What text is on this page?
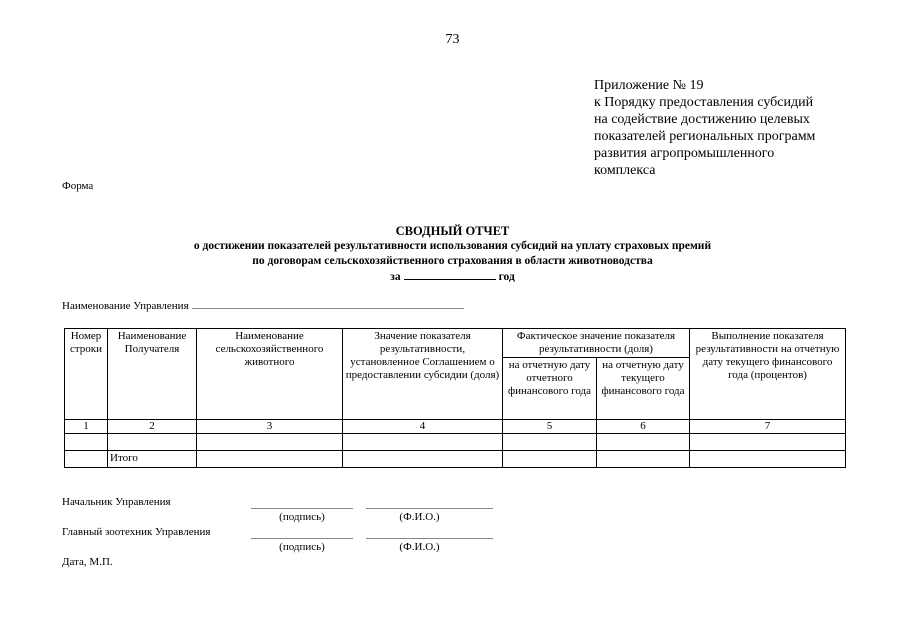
73
Приложение № 19
к Порядку предоставления субсидий
на содействие достижению целевых
показателей региональных программ
развития агропромышленного
комплекса
Форма
СВОДНЫЙ ОТЧЕТ
о достижении показателей результативности использования субсидий на уплату страховых премий
по договорам сельскохозяйственного страхования в области животноводства
за	год
Наименование Управления
Номер строки	Наименование Получателя	Наименование сельскохозяйственного животного	Значение показателя результативности, установленное Соглашением о предоставлении субсидии (доля)	Фактическое значение показателя результативности (доля)		Выполнение показателя результативности на отчетную дату текущего финансового года (процентов)
				на отчетную дату отчетного финансового года	на отчетную дату текущего финансового года	
1	2	3	4	5	6	7

	Итого					
Начальник Управления
(подпись)	(Ф.И.О.)
Главный зоотехник Управления
(подпись)	(Ф.И.О.)
Дата, М.П.
